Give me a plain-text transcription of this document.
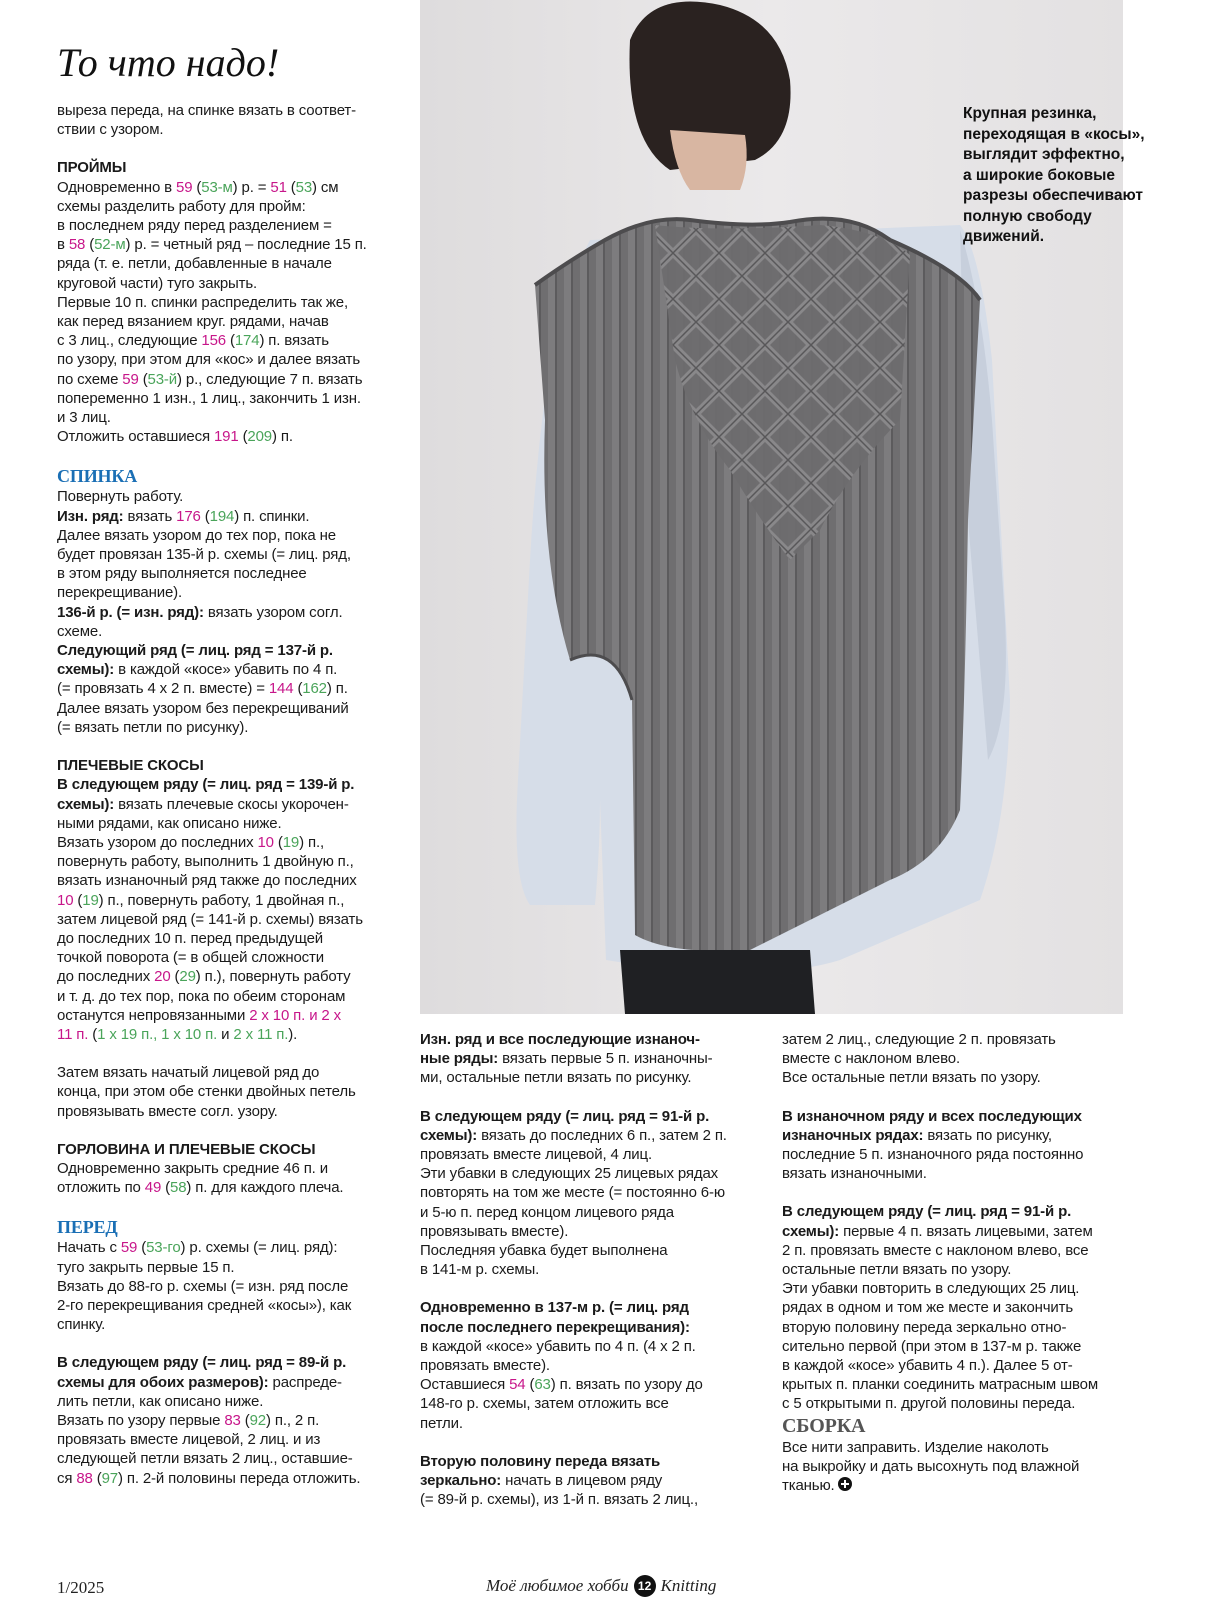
То что надо!
выреза переда, на спинке вязать в соответ-
ствии с узором.
ПРОЙМЫ
Одновременно в 59 (53-м) р. = 51 (53) см
схемы разделить работу для пройм:
в последнем ряду перед разделением =
в 58 (52-м) р. = четный ряд – последние 15 п.
ряда (т. е. петли, добавленные в начале
круговой части) туго закрыть.
Первые 10 п. спинки распределить так же,
как перед вязанием круг. рядами, начав
с 3 лиц., следующие 156 (174) п. вязать
по узору, при этом для «кос» и далее вязать
по схеме 59 (53-й) р., следующие 7 п. вязать
попеременно 1 изн., 1 лиц., закончить 1 изн.
и 3 лиц.
Отложить оставшиеся 191 (209) п.
СПИНКА
Повернуть работу.
Изн. ряд: вязать 176 (194) п. спинки.
Далее вязать узором до тех пор, пока не
будет провязан 135-й р. схемы (= лиц. ряд,
в этом ряду выполняется последнее
перекрещивание).
136-й р. (= изн. ряд): вязать узором согл.
схеме.
Следующий ряд (= лиц. ряд = 137-й р.
схемы): в каждой «косе» убавить по 4 п.
(= провязать 4 х 2 п. вместе) = 144 (162) п.
Далее вязать узором без перекрещиваний
(= вязать петли по рисунку).
ПЛЕЧЕВЫЕ СКОСЫ
В следующем ряду (= лиц. ряд = 139-й р.
схемы): вязать плечевые скосы укорочен-
ными рядами, как описано ниже.
Вязать узором до последних 10 (19) п.,
повернуть работу, выполнить 1 двойную п.,
вязать изнаночный ряд также до последних
10 (19) п., повернуть работу, 1 двойная п.,
затем лицевой ряд (= 141-й р. схемы) вязать
до последних 10 п. перед предыдущей
точкой поворота (= в общей сложности
до последних 20 (29) п.), повернуть работу
и т. д. до тех пор, пока по обеим сторонам
останутся непровязанными 2 х 10 п. и 2 х
11 п. (1 х 19 п., 1 х 10 п. и 2 х 11 п.).
Затем вязать начатый лицевой ряд до
конца, при этом обе стенки двойных петель
провязывать вместе согл. узору.
ГОРЛОВИНА И ПЛЕЧЕВЫЕ СКОСЫ
Одновременно закрыть средние 46 п. и
отложить по 49 (58) п. для каждого плеча.
ПЕРЕД
Начать с 59 (53-го) р. схемы (= лиц. ряд):
туго закрыть первые 15 п.
Вязать до 88-го р. схемы (= изн. ряд после
2-го перекрещивания средней «косы»), как
спинку.
В следующем ряду (= лиц. ряд = 89-й р.
схемы для обоих размеров): распреде-
лить петли, как описано ниже.
Вязать по узору первые 83 (92) п., 2 п.
провязать вместе лицевой, 2 лиц. и из
следующей петли вязать 2 лиц., оставшие-
ся 88 (97) п. 2-й половины переда отложить.
Крупная резинка,
переходящая в «косы»,
выглядит эффектно,
а широкие боковые
разрезы обеспечивают
полную свободу
движений.
Изн. ряд и все последующие изнаноч-
ные ряды: вязать первые 5 п. изнаночны-
ми, остальные петли вязать по рисунку.
В следующем ряду (= лиц. ряд = 91-й р.
схемы): вязать до последних 6 п., затем 2 п.
провязать вместе лицевой, 4 лиц.
Эти убавки в следующих 25 лицевых рядах
повторять на том же месте (= постоянно 6-ю
и 5-ю п. перед концом лицевого ряда
провязывать вместе).
Последняя убавка будет выполнена
в 141-м р. схемы.
Одновременно в 137-м р. (= лиц. ряд
после последнего перекрещивания):
в каждой «косе» убавить по 4 п. (4 х 2 п.
провязать вместе).
Оставшиеся 54 (63) п. вязать по узору до
148-го р. схемы, затем отложить все
петли.
Вторую половину переда вязать
зеркально: начать в лицевом ряду
(= 89-й р. схемы), из 1-й п. вязать 2 лиц.,
затем 2 лиц., следующие 2 п. провязать
вместе с наклоном влево.
Все остальные петли вязать по узору.
В изнаночном ряду и всех последующих
изнаночных рядах: вязать по рисунку,
последние 5 п. изнаночного ряда постоянно
вязать изнаночными.
В следующем ряду (= лиц. ряд = 91-й р.
схемы): первые 4 п. вязать лицевыми, затем
2 п. провязать вместе с наклоном влево, все
остальные петли вязать по узору.
Эти убавки повторить в следующих 25 лиц.
рядах в одном и том же месте и закончить
вторую половину переда зеркально отно-
сительно первой (при этом в 137-м р. также
в каждой «косе» убавить 4 п.). Далее 5 от-
крытых п. планки соединить матрасным швом
с 5 открытыми п. другой половины переда.
СБОРКА
Все нити заправить. Изделие наколоть
на выкройку и дать высохнуть под влажной
тканью.
1/2025	Моё любимое хобби 12 Knitting
